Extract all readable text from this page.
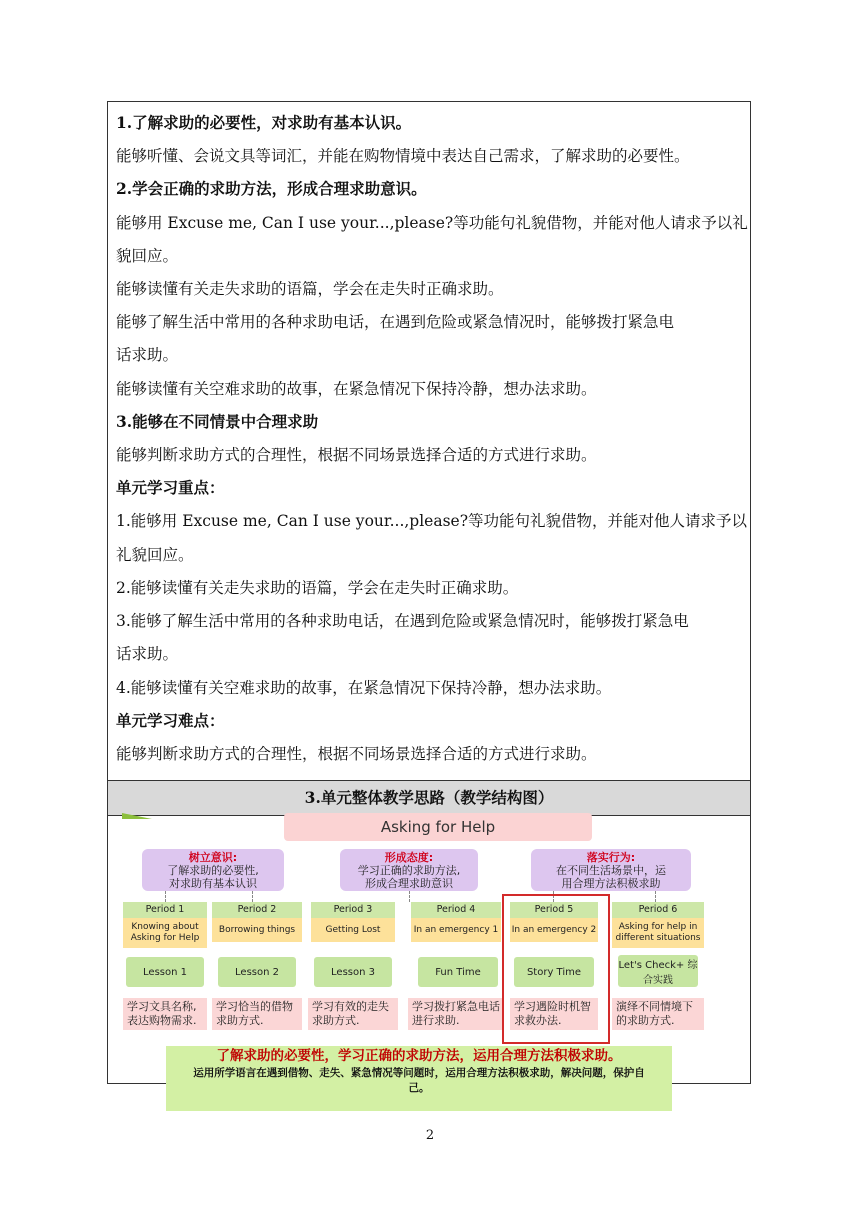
1.了解求助的必要性，对求助有基本认识。
能够听懂、会说文具等词汇，并能在购物情境中表达自己需求，了解求助的必要性。
2.学会正确的求助方法，形成合理求助意识。
能够用 Excuse me, Can I use your...,please?等功能句礼貌借物，并能对他人请求予以礼
貌回应。
能够读懂有关走失求助的语篇，学会在走失时正确求助。
能够了解生活中常用的各种求助电话，在遇到危险或紧急情况时，能够拨打紧急电
话求助。
能够读懂有关空难求助的故事，在紧急情况下保持冷静，想办法求助。
3.能够在不同情景中合理求助
能够判断求助方式的合理性，根据不同场景选择合适的方式进行求助。
单元学习重点：
1.能够用 Excuse me, Can I use your...,please?等功能句礼貌借物，并能对他人请求予以
礼貌回应。
2.能够读懂有关走失求助的语篇，学会在走失时正确求助。
3.能够了解生活中常用的各种求助电话，在遇到危险或紧急情况时，能够拨打紧急电
话求助。
4.能够读懂有关空难求助的故事，在紧急情况下保持冷静，想办法求助。
单元学习难点：
能够判断求助方式的合理性，根据不同场景选择合适的方式进行求助。
3.单元整体教学思路（教学结构图）
Asking for Help
树立意识:
了解求助的必要性,
对求助有基本认识
形成态度:
学习正确的求助方法,
形成合理求助意识
落实行为:
在不同生活场景中，运
用合理方法积极求助
Period 1
Knowing about Asking for Help
Lesson 1
学习文具名称,表达购物需求.
Period 2
Borrowing things
Lesson 2
学习恰当的借物求助方式.
Period 3
Getting Lost
Lesson 3
学习有效的走失求助方式.
Period 4
In an emergency 1
Fun Time
学习拨打紧急电话进行求助.
Period 5
In an emergency 2
Story Time
学习遇险时机智求救办法.
Period 6
Asking for help in different situations
Let's Check+ 综合实践
演绎不同情境下的求助方式.
了解求助的必要性，学习正确的求助方法，运用合理方法积极求助。
运用所学语言在遇到借物、走失、紧急情况等问题时，运用合理方法积极求助，解决问题，保护自己。
2
